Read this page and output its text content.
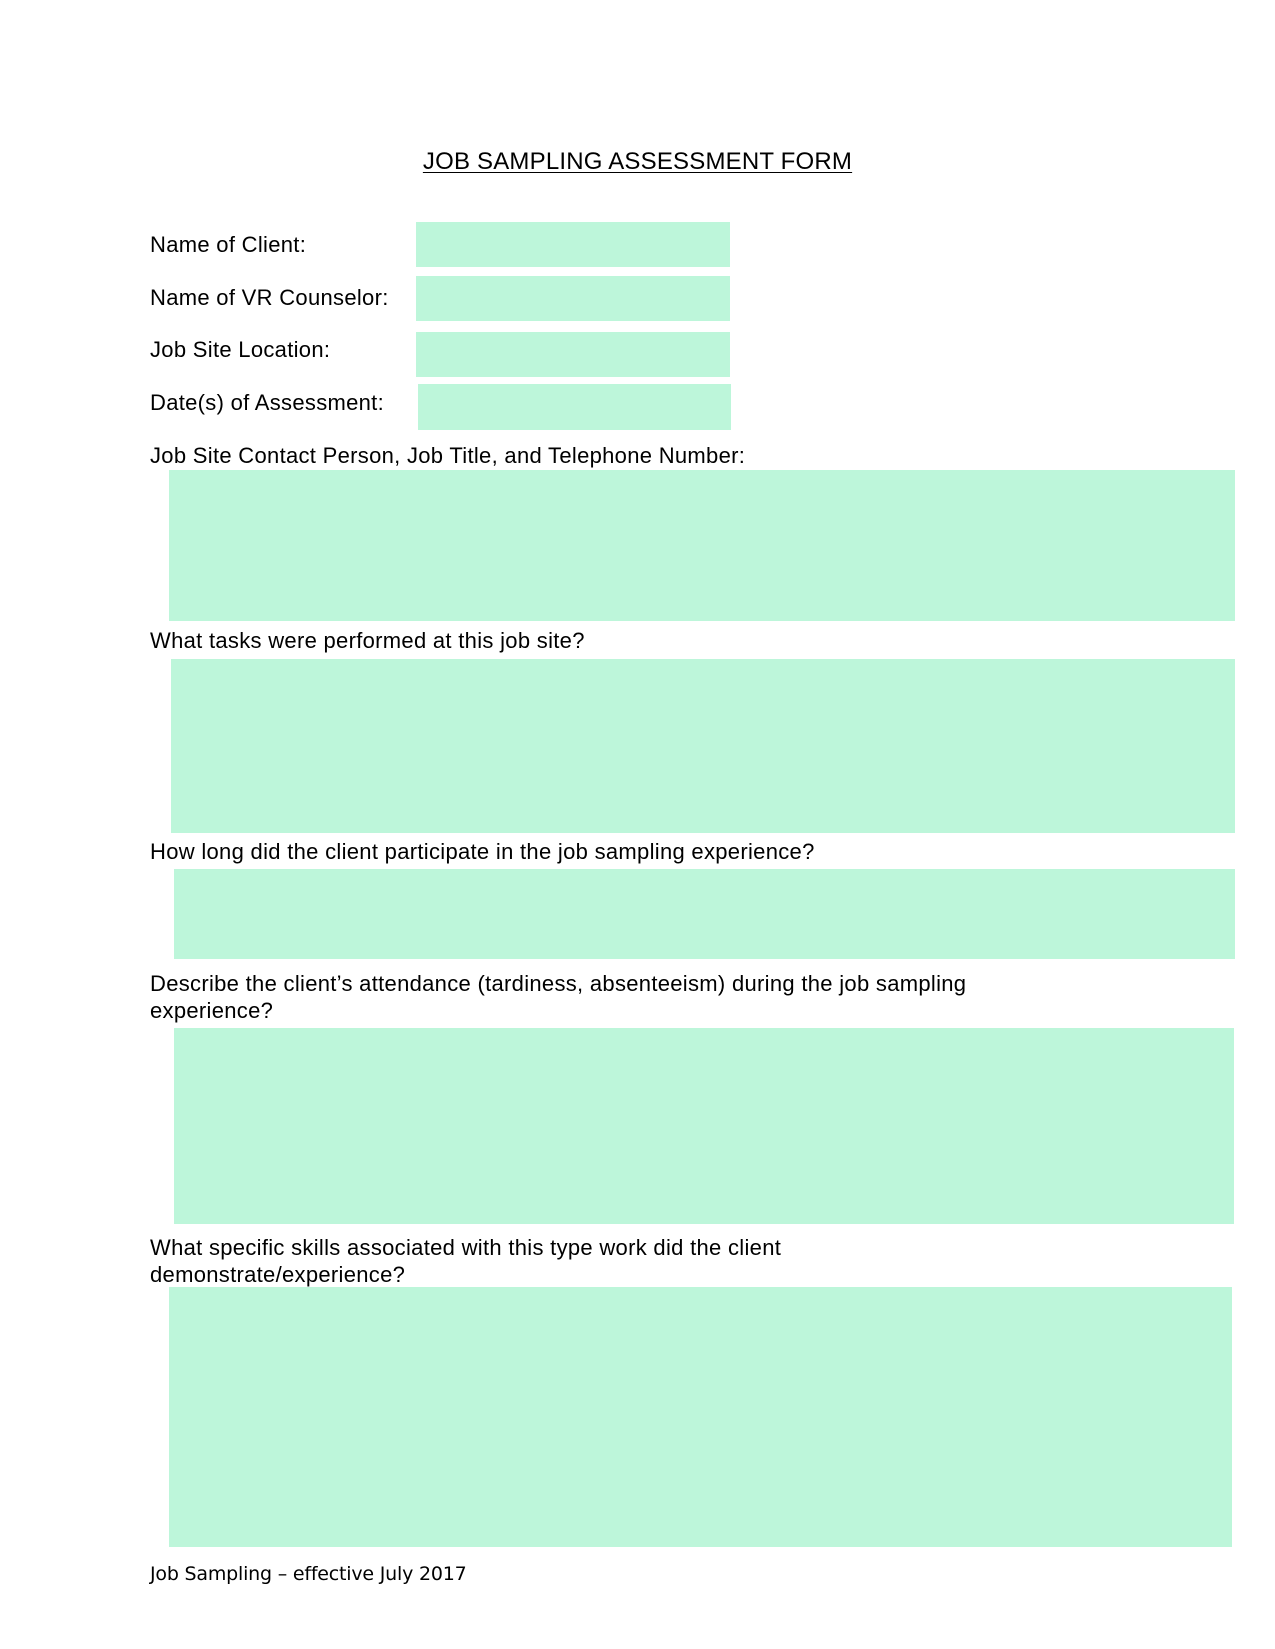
JOB SAMPLING ASSESSMENT FORM
Name of Client:
Name of VR Counselor:
Job Site Location:
Date(s) of Assessment:
Job Site Contact Person, Job Title, and Telephone Number:
What tasks were performed at this job site?
How long did the client participate in the job sampling experience?
Describe the client’s attendance (tardiness, absenteeism) during the job sampling
experience?
What specific skills associated with this type work did the client
demonstrate/experience?
Job Sampling – effective July 2017
